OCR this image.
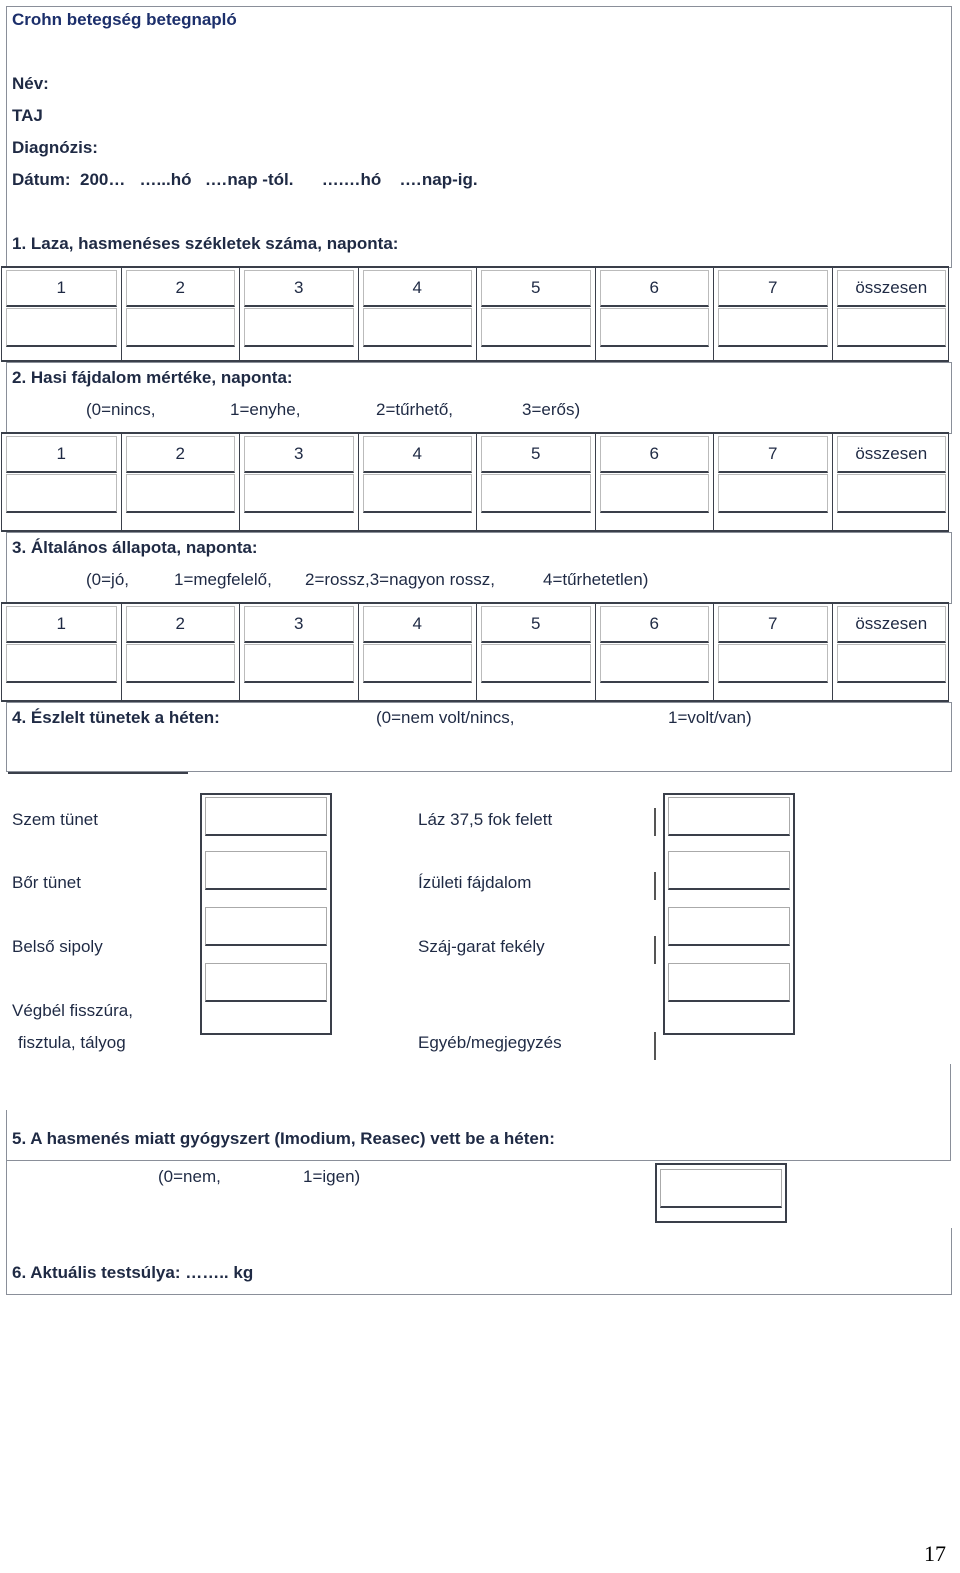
Crohn betegség betegnapló
Név:
TAJ
Diagnózis:
Dátum:  200…   …...hó   .…nap -tól.      ….…hó    .…nap-ig.
1. Laza, hasmenéses székletek száma, naponta:
1	2	3	4	5	6	7	összesen
2. Hasi fájdalom mértéke, naponta:
(0=nincs,	1=enyhe,	2=tűrhető,	3=erős)
1	2	3	4	5	6	7	összesen
3. Általános állapota, naponta:
(0=jó,	1=megfelelő, 2=rossz,3=nagyon rossz,	4=tűrhetetlen)
1	2	3	4	5	6	7	összesen
4. Észlelt tünetek a héten:	(0=nem volt/nincs,	1=volt/van)
Szem tünet
Bőr tünet
Belső sipoly
Végbél fisszúra,
fisztula, tályog
Láz 37,5 fok felett
Ízületi fájdalom
Száj-garat fekély
Egyéb/megjegyzés
5. A hasmenés miatt gyógyszert (Imodium, Reasec) vett be a héten:
(0=nem,	1=igen)
6. Aktuális testsúlya: …….. kg
17
